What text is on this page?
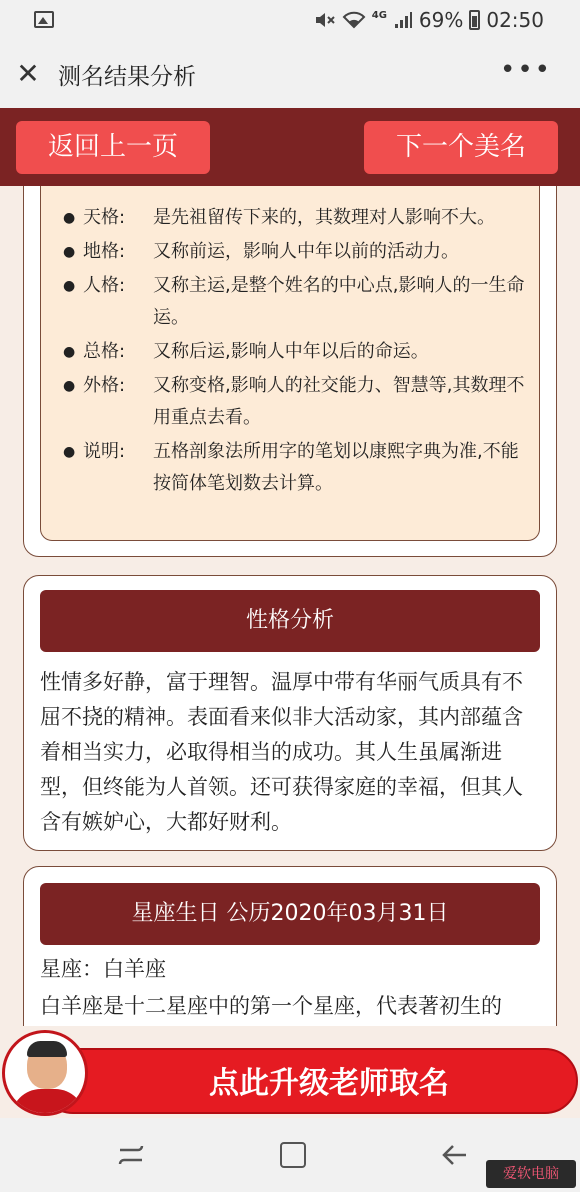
4G 69% 02:50
✕ 测名结果分析	•••
返回上一页	下一个美名
● 天格:	是先祖留传下来的，其数理对人影响不大。
● 地格:	又称前运，影响人中年以前的活动力。
● 人格:	又称主运,是整个姓名的中心点,影响人的一生命运。
● 总格:	又称后运,影响人中年以后的命运。
● 外格:	又称变格,影响人的社交能力、智慧等,其数理不用重点去看。
● 说明:	五格剖象法所用字的笔划以康熙字典为准,不能按简体笔划数去计算。
性格分析
性情多好静，富于理智。温厚中带有华丽气质具有不屈不挠的精神。表面看来似非大活动家，其内部蕴含着相当实力，必取得相当的成功。其人生虽属渐进型，但终能为人首领。还可获得家庭的幸福，但其人含有嫉妒心，大都好财利。
星座生日 公历2020年03月31日
星座：白羊座
白羊座是十二星座中的第一个星座，代表著初生的
点此升级老师取名
爱软电脑
